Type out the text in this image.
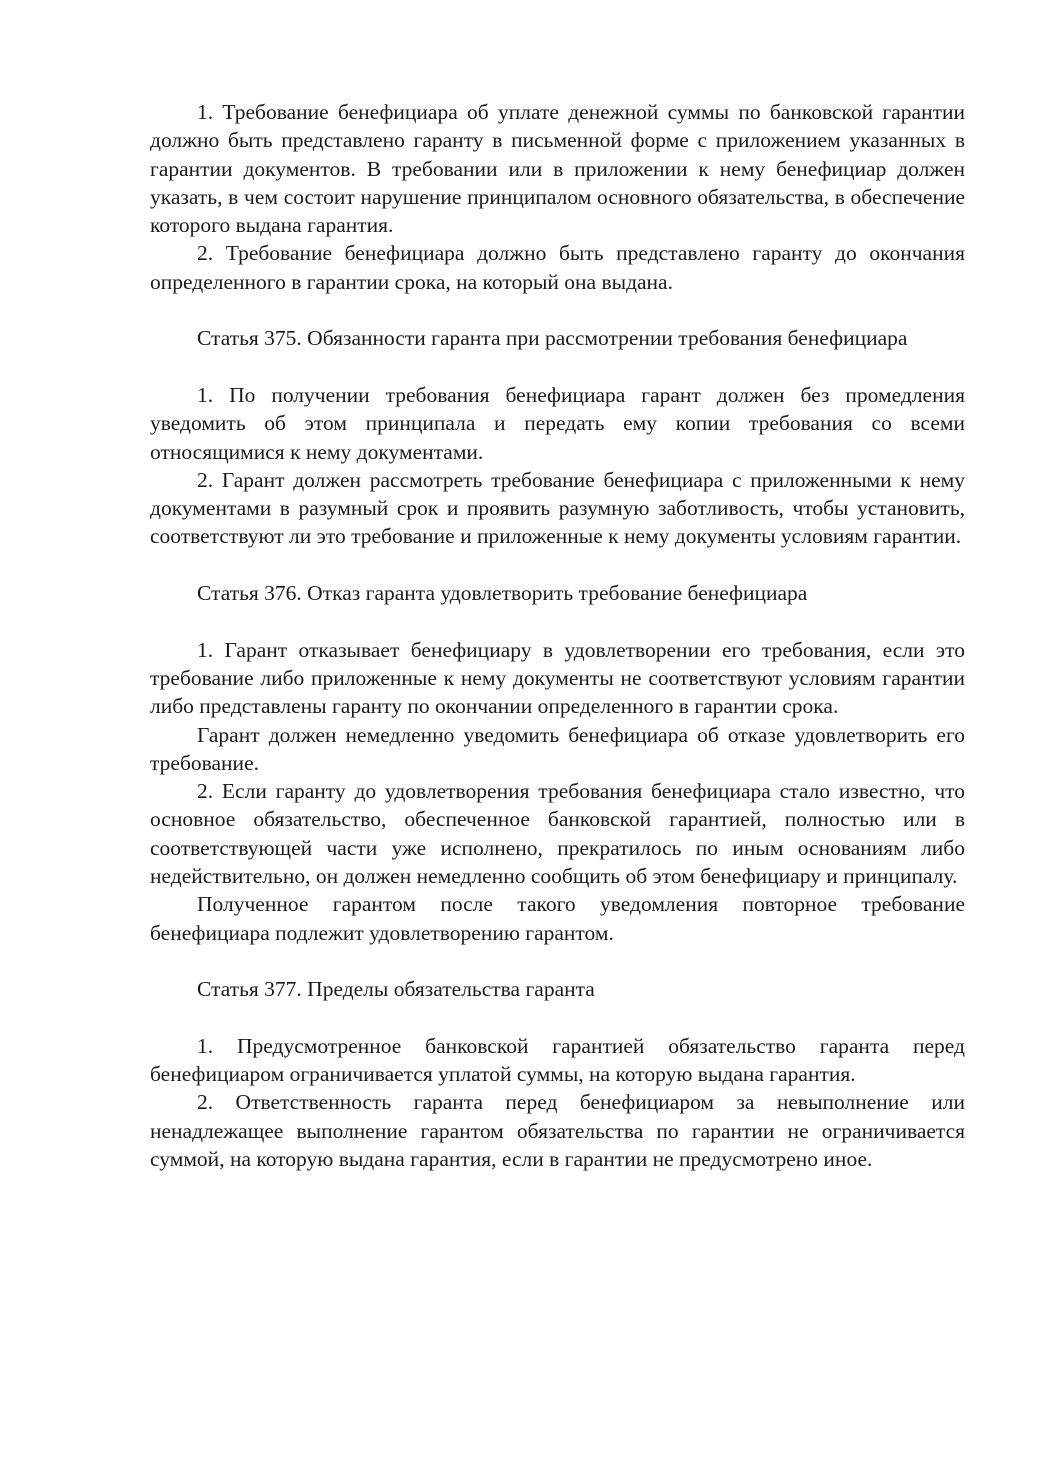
1. Требование бенефициара об уплате денежной суммы по банковской гарантии должно быть представлено гаранту в письменной форме с приложением указанных в гарантии документов. В требовании или в приложении к нему бенефициар должен указать, в чем состоит нарушение принципалом основного обязательства, в обеспечение которого выдана гарантия.

2. Требование бенефициара должно быть представлено гаранту до окончания определенного в гарантии срока, на который она выдана.

Статья 375. Обязанности гаранта при рассмотрении требования бенефициара

1. По получении требования бенефициара гарант должен без промедления уведомить об этом принципала и передать ему копии требования со всеми относящимися к нему документами.

2. Гарант должен рассмотреть требование бенефициара с приложенными к нему документами в разумный срок и проявить разумную заботливость, чтобы установить, соответствуют ли это требование и приложенные к нему документы условиям гарантии.

Статья 376. Отказ гаранта удовлетворить требование бенефициара

1. Гарант отказывает бенефициару в удовлетворении его требования, если это требование либо приложенные к нему документы не соответствуют условиям гарантии либо представлены гаранту по окончании определенного в гарантии срока.

Гарант должен немедленно уведомить бенефициара об отказе удовлетворить его требование.

2. Если гаранту до удовлетворения требования бенефициара стало известно, что основное обязательство, обеспеченное банковской гарантией, полностью или в соответствующей части уже исполнено, прекратилось по иным основаниям либо недействительно, он должен немедленно сообщить об этом бенефициару и принципалу.

Полученное гарантом после такого уведомления повторное требование бенефициара подлежит удовлетворению гарантом.

Статья 377. Пределы обязательства гаранта

1. Предусмотренное банковской гарантией обязательство гаранта перед бенефициаром ограничивается уплатой суммы, на которую выдана гарантия.

2. Ответственность гаранта перед бенефициаром за невыполнение или ненадлежащее выполнение гарантом обязательства по гарантии не ограничивается суммой, на которую выдана гарантия, если в гарантии не предусмотрено иное.
